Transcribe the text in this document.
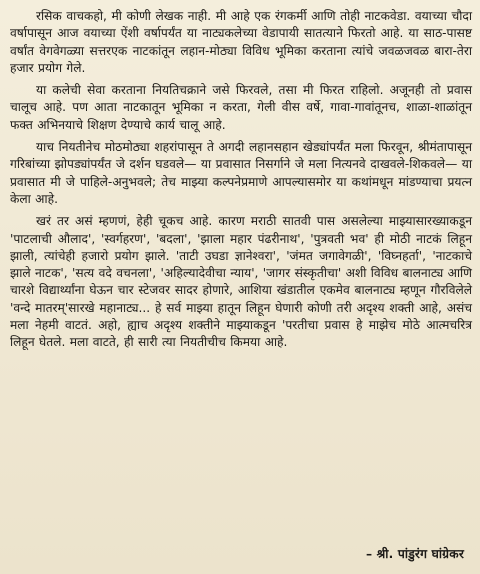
रसिक वाचकहो, मी कोणी लेखक नाही. मी आहे एक रंगकर्मी आणि तोही नाटकवेडा. वयाच्या चौदा वर्षापासून आज वयाच्या ऐंशी वर्षापर्यंत या नाट्यकलेच्या वेडापायी सातत्याने फिरतो आहे. या साठ-पासष्ट वर्षांत वेगवेगळ्या सत्तरएक नाटकांतून लहान-मोठ्या विविध भूमिका करताना त्यांचे जवळजवळ बारा-तेरा हजार प्रयोग गेले.

या कलेची सेवा करताना नियतिचक्राने जसे फिरवले, तसा मी फिरत राहिलो. अजूनही तो प्रवास चालूच आहे. पण आता नाटकातून भूमिका न करता, गेली वीस वर्षे, गावा-गावांतूनच, शाळा-शाळांतून फक्त अभिनयाचे शिक्षण देण्याचे कार्य चालू आहे.

याच नियतीनेच मोठमोठ्या शहरांपासून ते अगदी लहानसहान खेड्यांपर्यंत मला फिरवून, श्रीमंतापासून गरिबांच्या झोपड्यांपर्यंत जे दर्शन घडवले— या प्रवासात निसर्गाने जे मला नित्यनवे दाखवले-शिकवले— या प्रवासात मी जे पाहिले-अनुभवले; तेच माझ्या कल्पनेप्रमाणे आपल्यासमोर या कथांमधून मांडण्याचा प्रयत्न केला आहे.

खरं तर असं म्हणणं, हेही चूकच आहे. कारण मराठी सातवी पास असलेल्या माझ्यासारख्याकडून 'पाटलाची औलाद', 'स्वर्गहरण', 'बदला', 'झाला महार पंढरीनाथ', 'पुत्रवती भव' ही मोठी नाटकं लिहून झाली, त्यांचेही हजारो प्रयोग झाले. 'ताटी उघडा ज्ञानेश्वरा', 'जंमत जगावेगळी', 'विघ्नहर्ता', 'नाटकाचे झाले नाटक', 'सत्य वदे वचनला', 'अहिल्यादेवीचा न्याय', 'जागर संस्कृतीचा' अशी विविध बालनाट्य आणि चारशे विद्यार्थ्यांना घेऊन चार स्टेजवर सादर होणारे, आशिया खंडातील एकमेव बालनाट्य म्हणून गौरविलेले 'वन्दे मातरम्'सारखे महानाट्य... हे सर्व माझ्या हातून लिहून घेणारी कोणी तरी अदृश्य शक्ती आहे, असंच मला नेहमी वाटतं. अहो, ह्याच अदृश्य शक्तीने माझ्याकडून 'परतीचा प्रवास हे माझेच मोठे आत्मचरित्र लिहून घेतले. मला वाटते, ही सारी त्या नियतीचीच किमया आहे.

– श्री. पांडुरंग घांग्रेकर
